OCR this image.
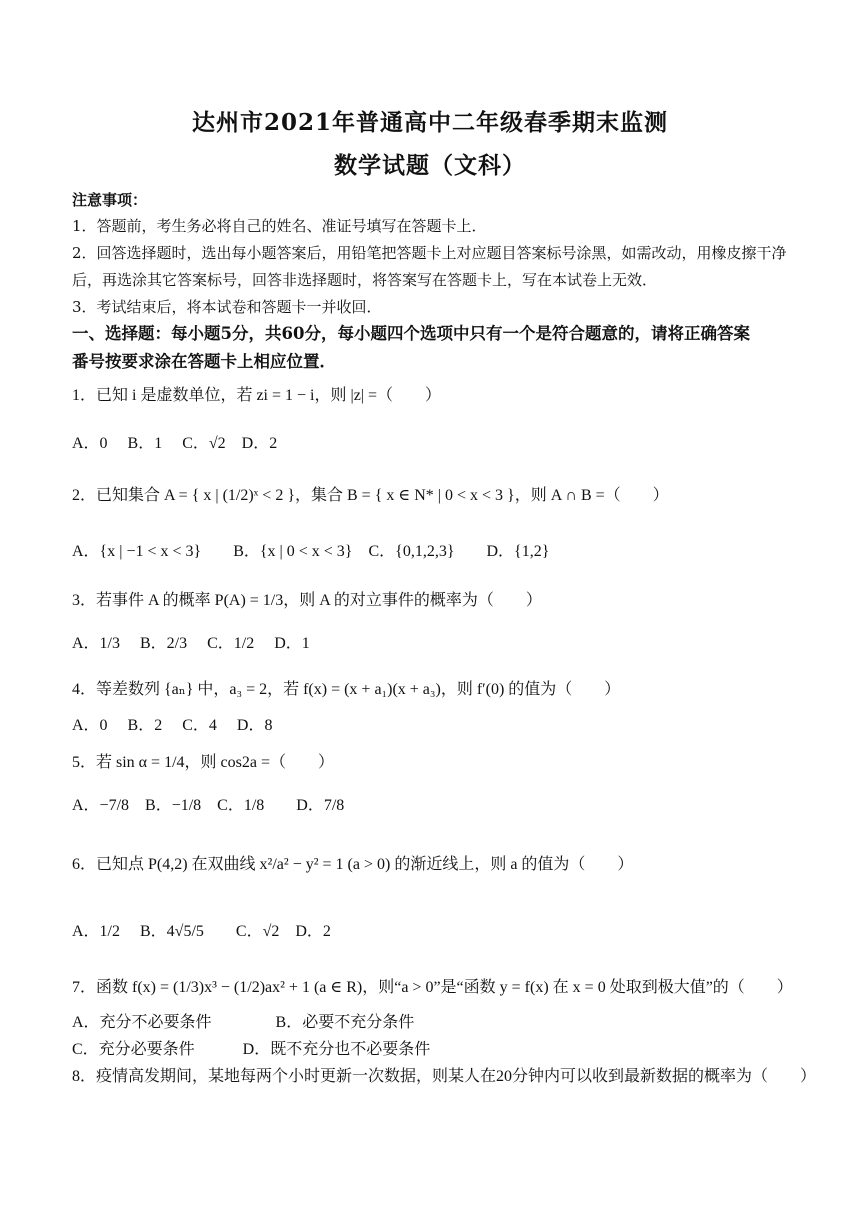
达州市2021年普通高中二年级春季期末监测
数学试题（文科）
注意事项：
1．答题前，考生务必将自己的姓名、准证号填写在答题卡上．
2．回答选择题时，选出每小题答案后，用铅笔把答题卡上对应题目答案标号涂黑，如需改动，用橡皮擦干净
后，再选涂其它答案标号，回答非选择题时，将答案写在答题卡上，写在本试卷上无效．
3．考试结束后，将本试卷和答题卡一并收回．
一、选择题：每小题5分，共60分，每小题四个选项中只有一个是符合题意的，请将正确答案
番号按要求涂在答题卡上相应位置．
1．已知 i 是虚数单位，若 zi = 1 − i，则 |z| =（　　）
A．0　 B．1　 C．√2　D．2
2．已知集合 A = { x | (1/2)ˣ < 2 }，集合 B = { x ∈ N* | 0 < x < 3 }，则 A ∩ B =（　　）
A．{x | −1 < x < 3}　　B．{x | 0 < x < 3}　C．{0,1,2,3}　　D．{1,2}
3．若事件 A 的概率 P(A) = 1/3，则 A 的对立事件的概率为（　　）
A．1/3　 B．2/3　 C．1/2　 D．1
4．等差数列 {aₙ} 中，a₃ = 2，若 f(x) = (x + a₁)(x + a₃)，则 f′(0) 的值为（　　）
A．0　 B．2　 C．4　 D．8
5．若 sin α = 1/4，则 cos2a =（　　）
A．−7/8　B．−1/8　C．1/8　　D．7/8
6．已知点 P(4,2) 在双曲线 x²/a² − y² = 1 (a > 0) 的渐近线上，则 a 的值为（　　）
A．1/2　 B．4√5/5　　C．√2　D．2
7．函数 f(x) = (1/3)x³ − (1/2)ax² + 1 (a ∈ R)，则“a > 0”是“函数 y = f(x) 在 x = 0 处取到极大值”的（　　）
A．充分不必要条件　　　　B．必要不充分条件
C．充分必要条件　　　D．既不充分也不必要条件
8．疫情高发期间，某地每两个小时更新一次数据，则某人在20分钟内可以收到最新数据的概率为（　　）
